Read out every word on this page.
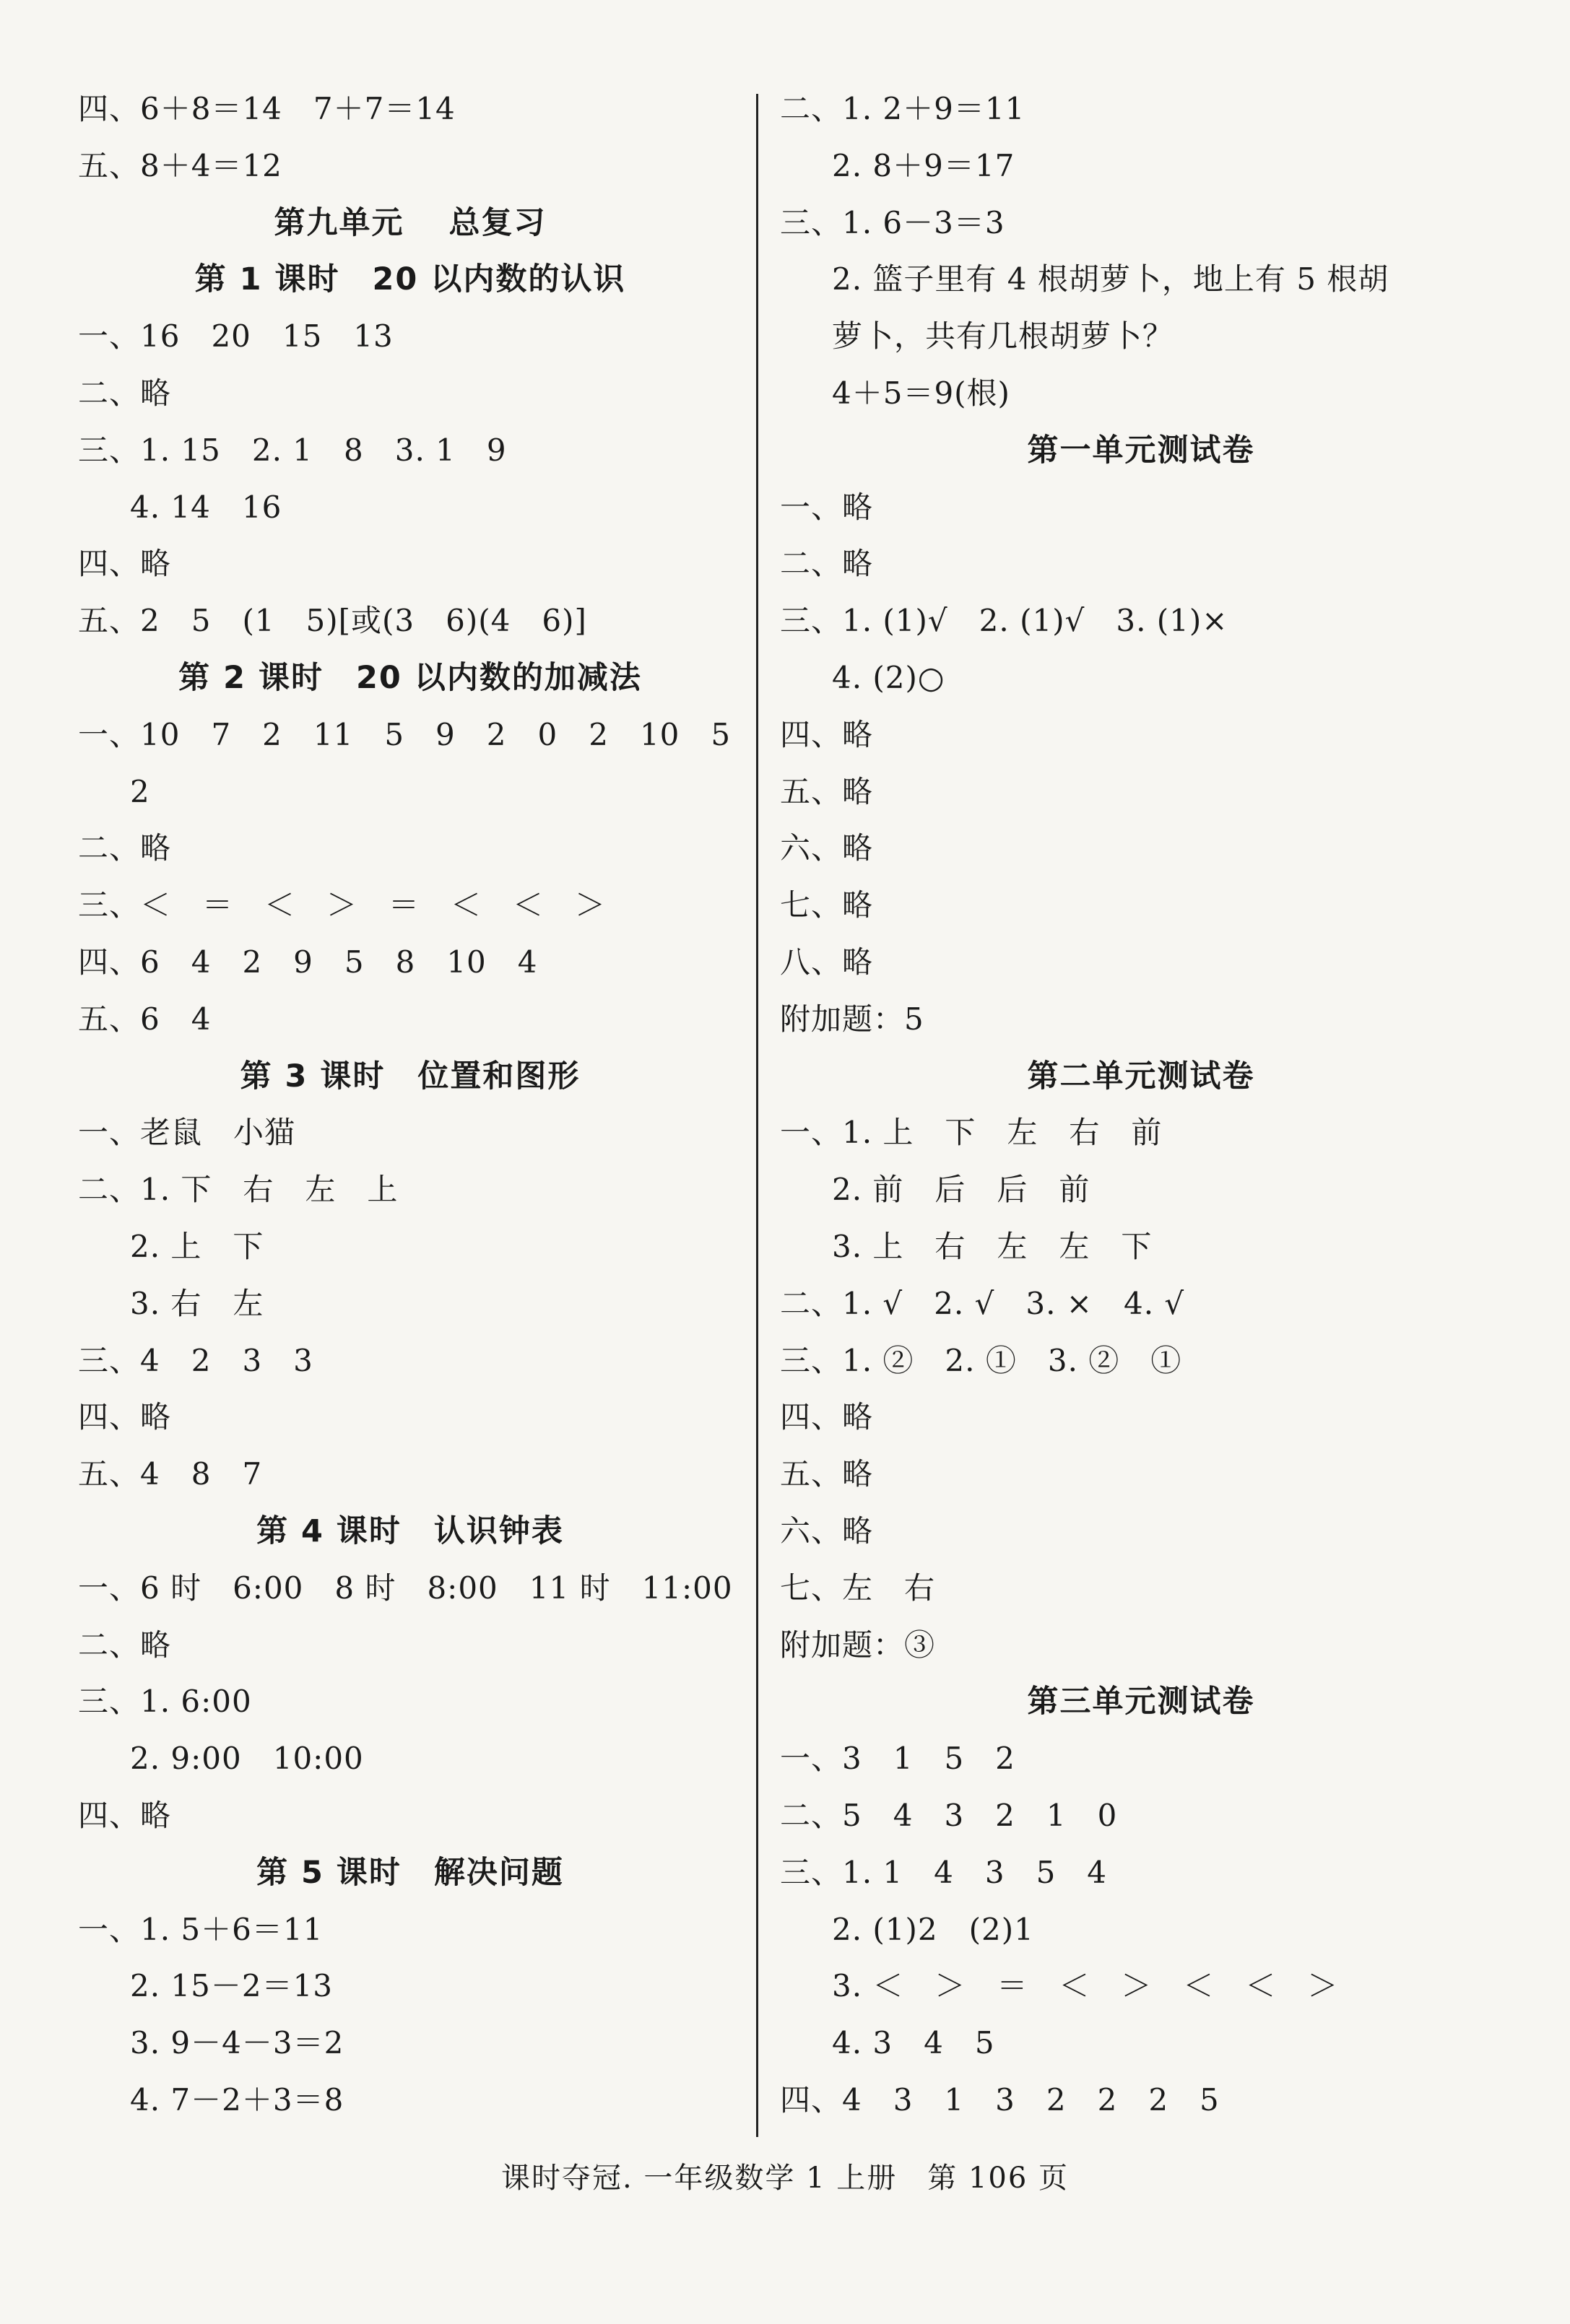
四、6＋8＝14　7＋7＝14
五、8＋4＝12
第九单元　 总复习
第 1 课时　20 以内数的认识
一、16　20　15　13
二、略
三、1. 15　2. 1　8　3. 1　9
4. 14　16
四、略
五、2　5　(1　5)[或(3　6)(4　6)]
第 2 课时　20 以内数的加减法
一、10　7　2　11　5　9　2　0　2　10　5
2
二、略
三、＜　＝　＜　＞　＝　＜　＜　＞
四、6　4　2　9　5　8　10　4
五、6　4
第 3 课时　位置和图形
一、老鼠　小猫
二、1. 下　右　左　上
2. 上　下
3. 右　左
三、4　2　3　3
四、略
五、4　8　7
第 4 课时　认识钟表
一、6 时　6:00　8 时　8:00　11 时　11:00
二、略
三、1. 6:00
2. 9:00　10:00
四、略
第 5 课时　解决问题
一、1. 5＋6＝11
2. 15－2＝13
3. 9－4－3＝2
4. 7－2＋3＝8
二、1. 2＋9＝11
2. 8＋9＝17
三、1. 6－3＝3
2. 篮子里有 4 根胡萝卜，地上有 5 根胡
萝卜，共有几根胡萝卜？
4＋5＝9(根)
第一单元测试卷
一、略
二、略
三、1. (1)√　2. (1)√　3. (1)×
4. (2)○
四、略
五、略
六、略
七、略
八、略
附加题：5
第二单元测试卷
一、1. 上　下　左　右　前
2. 前　后　后　前
3. 上　右　左　左　下
二、1. √　2. √　3. ×　4. √
三、1. ②　2. ①　3. ②　①
四、略
五、略
六、略
七、左　右
附加题：③
第三单元测试卷
一、3　1　5　2
二、5　4　3　2　1　0
三、1. 1　4　3　5　4
2. (1)2　(2)1
3. ＜　＞　＝　＜　＞　＜　＜　＞
4. 3　4　5
四、4　3　1　3　2　2　2　5
课时夺冠. 一年级数学 1 上册　第 106 页
